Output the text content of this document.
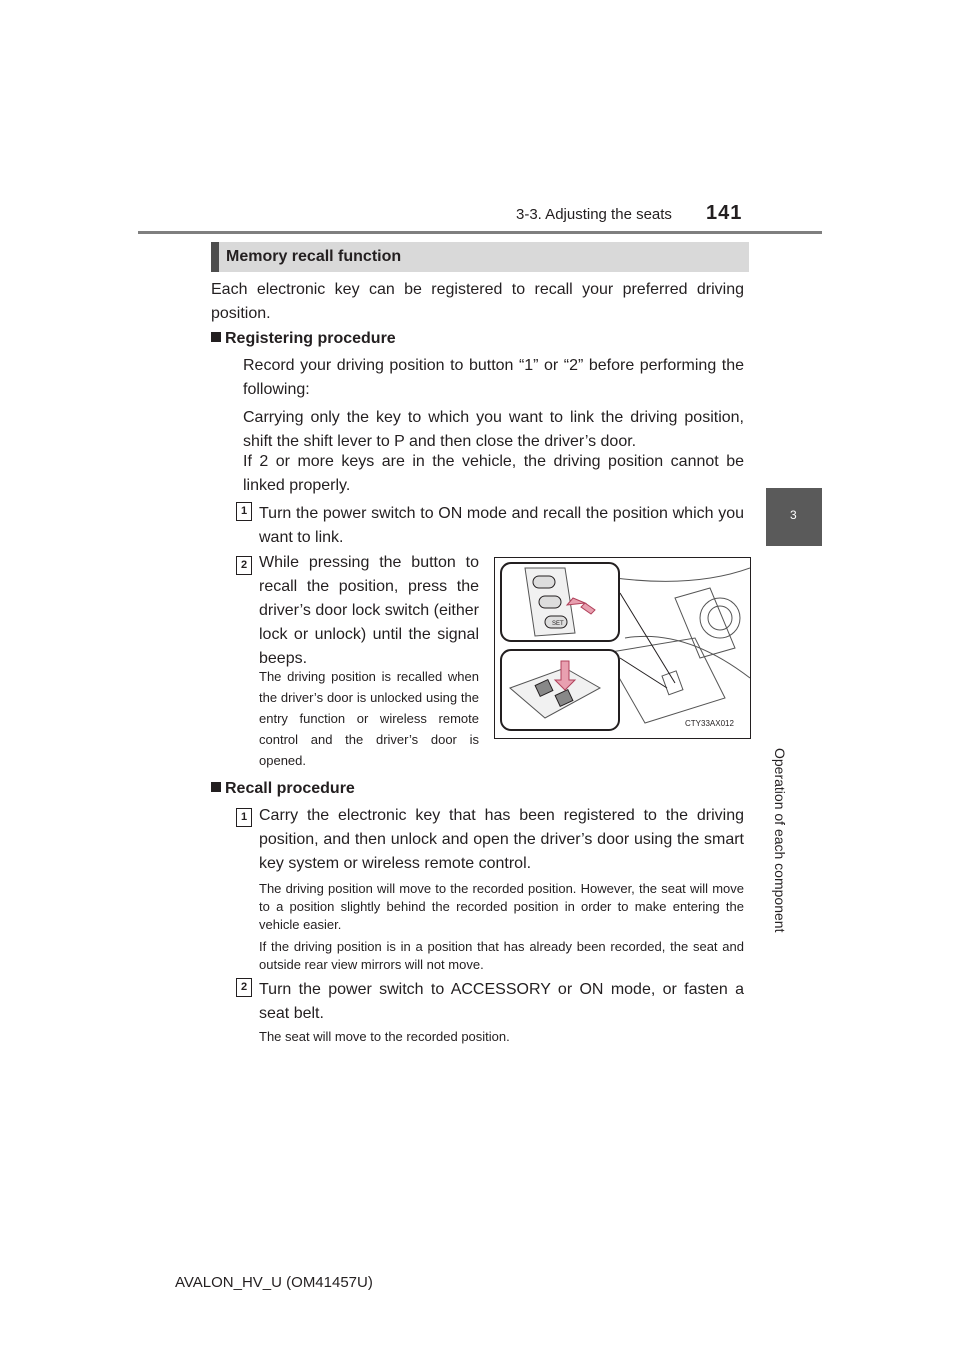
3-3. Adjusting the seats 141
3
Operation of each component
Memory recall function
Each electronic key can be registered to recall your preferred driving position.
Registering procedure
Record your driving position to button “1” or “2” before performing the following:
Carrying only the key to which you want to link the driving position, shift the shift lever to P and then close the driver’s door.
If 2 or more keys are in the vehicle, the driving position cannot be linked properly.
1 Turn the power switch to ON mode and recall the position which you want to link.
2 While pressing the button to recall the position, press the driver’s door lock switch (either lock or unlock) until the signal beeps.
The driving position is recalled when the driver’s door is unlocked using the entry function or wireless remote control and the driver’s door is opened.
SET
CTY33AX012
Recall procedure
1 Carry the electronic key that has been registered to the driving position, and then unlock and open the driver’s door using the smart key system or wireless remote control.
The driving position will move to the recorded position. However, the seat will move to a position slightly behind the recorded position in order to make entering the vehicle easier.
If the driving position is in a position that has already been recorded, the seat and outside rear view mirrors will not move.
2 Turn the power switch to ACCESSORY or ON mode, or fasten a seat belt.
The seat will move to the recorded position.
AVALON_HV_U (OM41457U)
